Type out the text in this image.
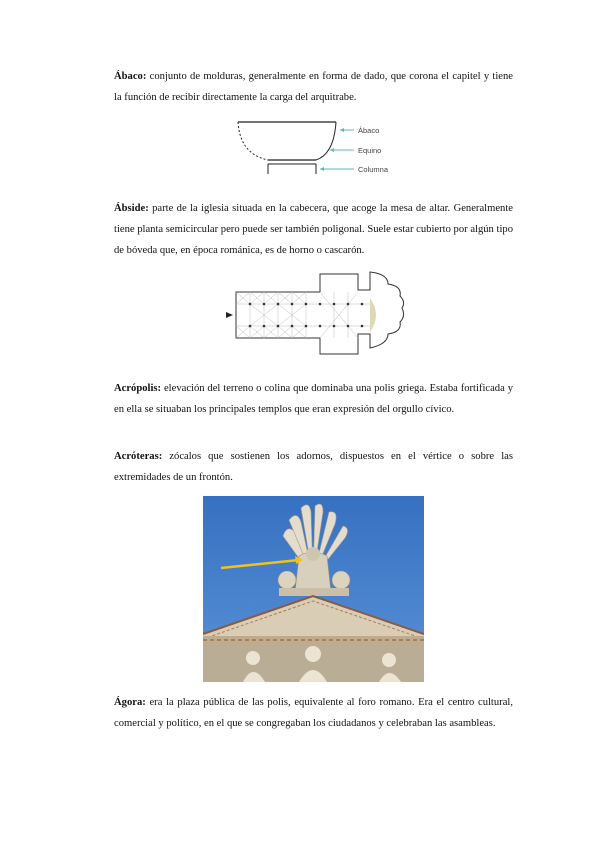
Ábaco: conjunto de molduras, generalmente en forma de dado, que corona el capitel y tiene la función de recibir directamente la carga del arquitrabe.

Ábaco
Equino
Columna

Ábside: parte de la iglesia situada en la cabecera, que acoge la mesa de altar. Generalmente tiene planta semicircular pero puede ser también poligonal. Suele estar cubierto por algún tipo de bóveda que, en época románica, es de horno o cascarón.

Acrópolis: elevación del terreno o colina que dominaba una polis griega. Estaba fortificada y en ella se situaban los principales templos que eran expresión del orgullo cívico.

Acróteras: zócalos que sostienen los adornos, dispuestos en el vértice o sobre las extremidades de un frontón.

Ágora: era la plaza pública de las polis, equivalente al foro romano. Era el centro cultural, comercial y político, en el que se congregaban los ciudadanos y celebraban las asambleas.
